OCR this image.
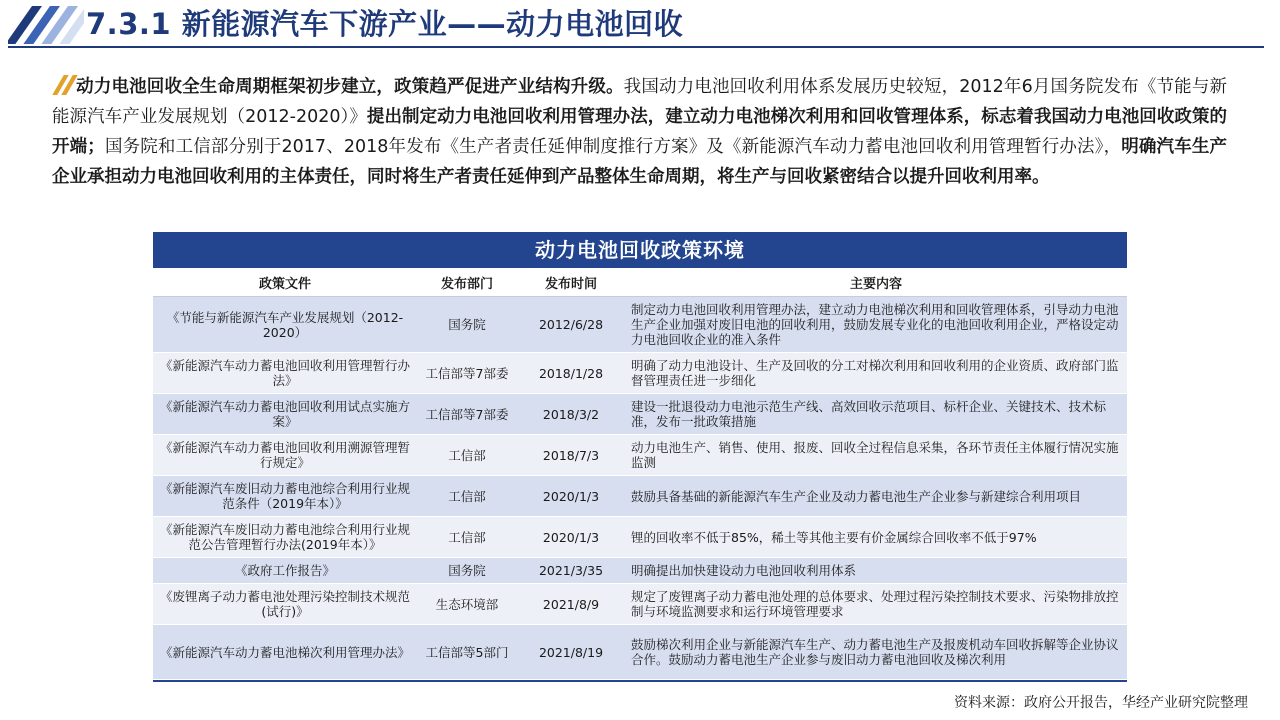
7.3.1 新能源汽车下游产业——动力电池回收
动力电池回收全生命周期框架初步建立，政策趋严促进产业结构升级。我国动力电池回收利用体系发展历史较短，2012年6月国务院发布《节能与新能源汽车产业发展规划（2012-2020）》提出制定动力电池回收利用管理办法，建立动力电池梯次利用和回收管理体系，标志着我国动力电池回收政策的开端；国务院和工信部分别于2017、2018年发布《生产者责任延伸制度推行方案》及《新能源汽车动力蓄电池回收利用管理暂行办法》，明确汽车生产企业承担动力电池回收利用的主体责任，同时将生产者责任延伸到产品整体生命周期，将生产与回收紧密结合以提升回收利用率。
动力电池回收政策环境
政策文件	发布部门	发布时间	主要内容
《节能与新能源汽车产业发展规划（2012-2020）	国务院	2012/6/28	制定动力电池回收利用管理办法，建立动力电池梯次利用和回收管理体系，引导动力电池生产企业加强对废旧电池的回收利用，鼓励发展专业化的电池回收利用企业，严格设定动力电池回收企业的准入条件
《新能源汽车动力蓄电池回收利用管理暂行办法》	工信部等7部委	2018/1/28	明确了动力电池设计、生产及回收的分工对梯次利用和回收利用的企业资质、政府部门监督管理责任进一步细化
《新能源汽车动力蓄电池回收利用试点实施方案》	工信部等7部委	2018/3/2	建设一批退役动力电池示范生产线、高效回收示范项目、标杆企业、关键技术、技术标准，发布一批政策措施
《新能源汽车动力蓄电池回收利用溯源管理暂行规定》	工信部	2018/7/3	动力电池生产、销售、使用、报废、回收全过程信息采集，各环节责任主体履行情况实施监测
《新能源汽车废旧动力蓄电池综合利用行业规范条件（2019年本）》	工信部	2020/1/3	鼓励具备基础的新能源汽车生产企业及动力蓄电池生产企业参与新建综合利用项目
《新能源汽车废旧动力蓄电池综合利用行业规范公告管理暂行办法(2019年本）》	工信部	2020/1/3	锂的回收率不低于85%，稀土等其他主要有价金属综合回收率不低于97%
《政府工作报告》	国务院	2021/3/35	明确提出加快建设动力电池回收利用体系
《废锂离子动力蓄电池处理污染控制技术规范(试行)》	生态环境部	2021/8/9	规定了废锂离子动力蓄电池处理的总体要求、处理过程污染控制技术要求、污染物排放控制与环境监测要求和运行环境管理要求
《新能源汽车动力蓄电池梯次利用管理办法》	工信部等5部门	2021/8/19	鼓励梯次利用企业与新能源汽车生产、动力蓄电池生产及报废机动车回收拆解等企业协议合作。鼓励动力蓄电池生产企业参与废旧动力蓄电池回收及梯次利用
资料来源：政府公开报告，华经产业研究院整理
